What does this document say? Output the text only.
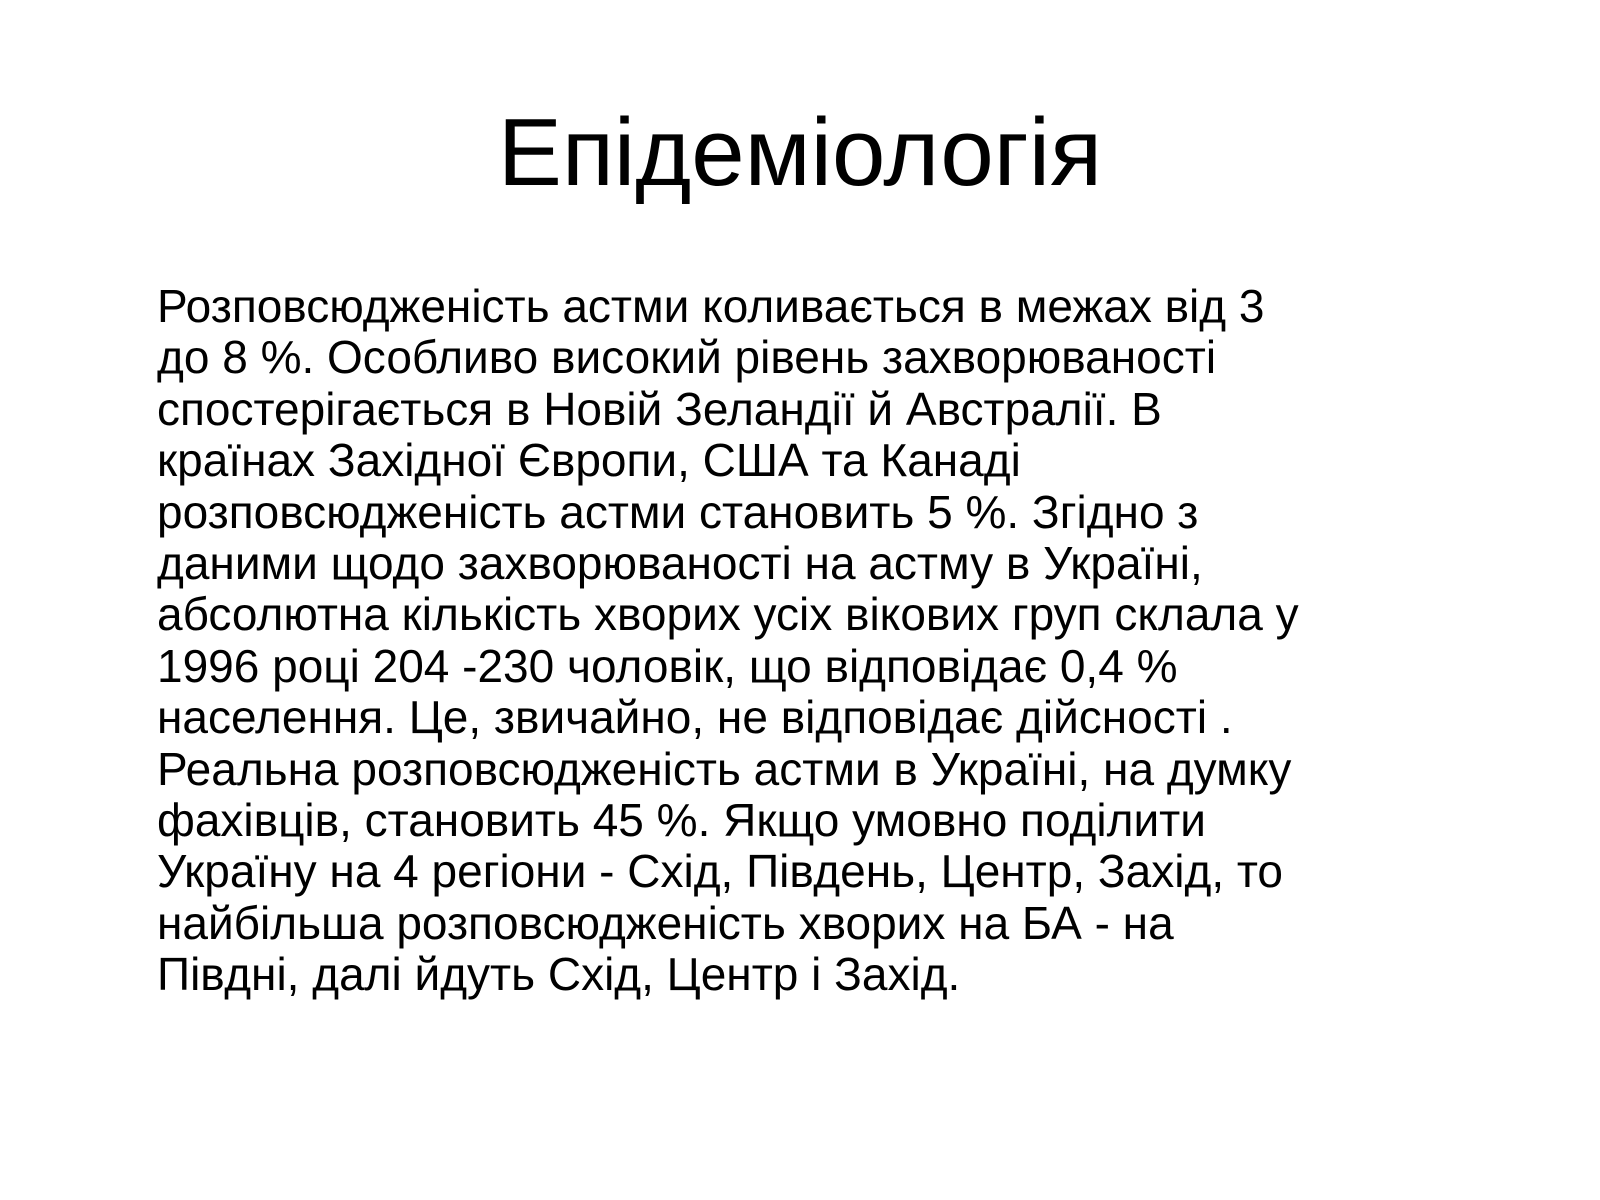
Епідеміологія
Розповсюдженість астми коливається в межах від 3
до 8 %. Особливо високий рівень захворюваності
спостерігається в Новій Зеландії й Австралії. В
країнах Західної Європи, США та Канаді
розповсюдженість астми становить 5 %. Згідно з
даними щодо захворюваності на астму в Україні,
абсолютна кількість хворих усіх вікових груп склала у
1996 році 204 -230 чоловік, що відповідає 0,4 %
населення. Це, звичайно, не відповідає дійсності .
Реальна розповсюдженість астми в Україні, на думку
фахівців, становить 45 %. Якщо умовно поділити
Україну на 4 регіони - Схід, Південь, Центр, Захід, то
найбільша розповсюдженість хворих на БА - на
Півдні, далі йдуть Схід, Центр і Захід.
